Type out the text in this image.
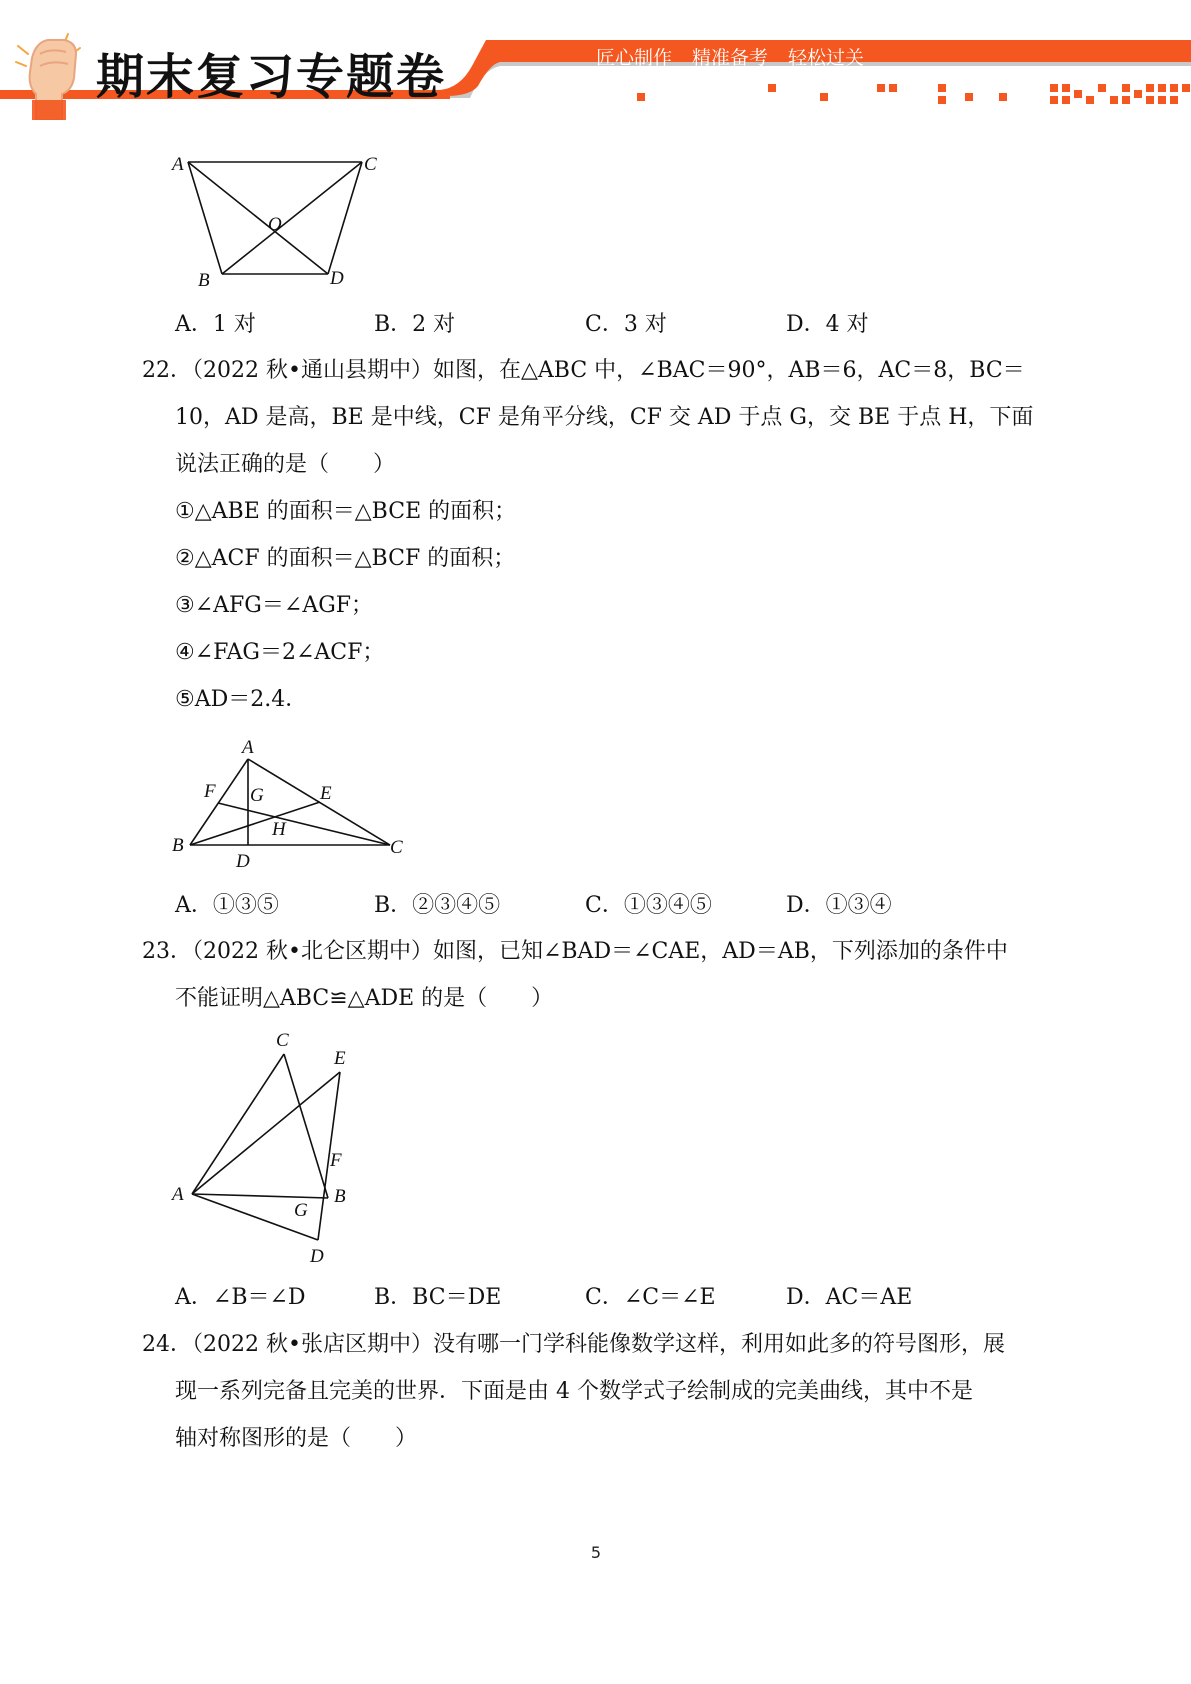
期末复习专题卷	匠心制作 精准备考 轻松过关
A	C
O
B	D
A．1 对	B．2 对	C．3 对	D．4 对
22．（2022 秋•通山县期中）如图，在△ABC 中，∠BAC＝90°，AB＝6，AC＝8，BC＝
10，AD 是高，BE 是中线，CF 是角平分线，CF 交 AD 于点 G，交 BE 于点 H，下面
说法正确的是（　　）
①△ABE 的面积＝△BCE 的面积；
②△ACF 的面积＝△BCF 的面积；
③∠AFG＝∠AGF；
④∠FAG＝2∠ACF；
⑤AD＝2.4．
A
F G	E
H
B
D
C
A．①③⑤	B．②③④⑤	C．①③④⑤	D．①③④
23．（2022 秋•北仑区期中）如图，已知∠BAD＝∠CAE，AD＝AB，下列添加的条件中
不能证明△ABC≌△ADE 的是（　　）
C
E
F
A	B
G
D
A．∠B＝∠D	B．BC＝DE	C．∠C＝∠E	D．AC＝AE
24．（2022 秋•张店区期中）没有哪一门学科能像数学这样，利用如此多的符号图形，展
现一系列完备且完美的世界．下面是由 4 个数学式子绘制成的完美曲线，其中不是
轴对称图形的是（　　）
5
